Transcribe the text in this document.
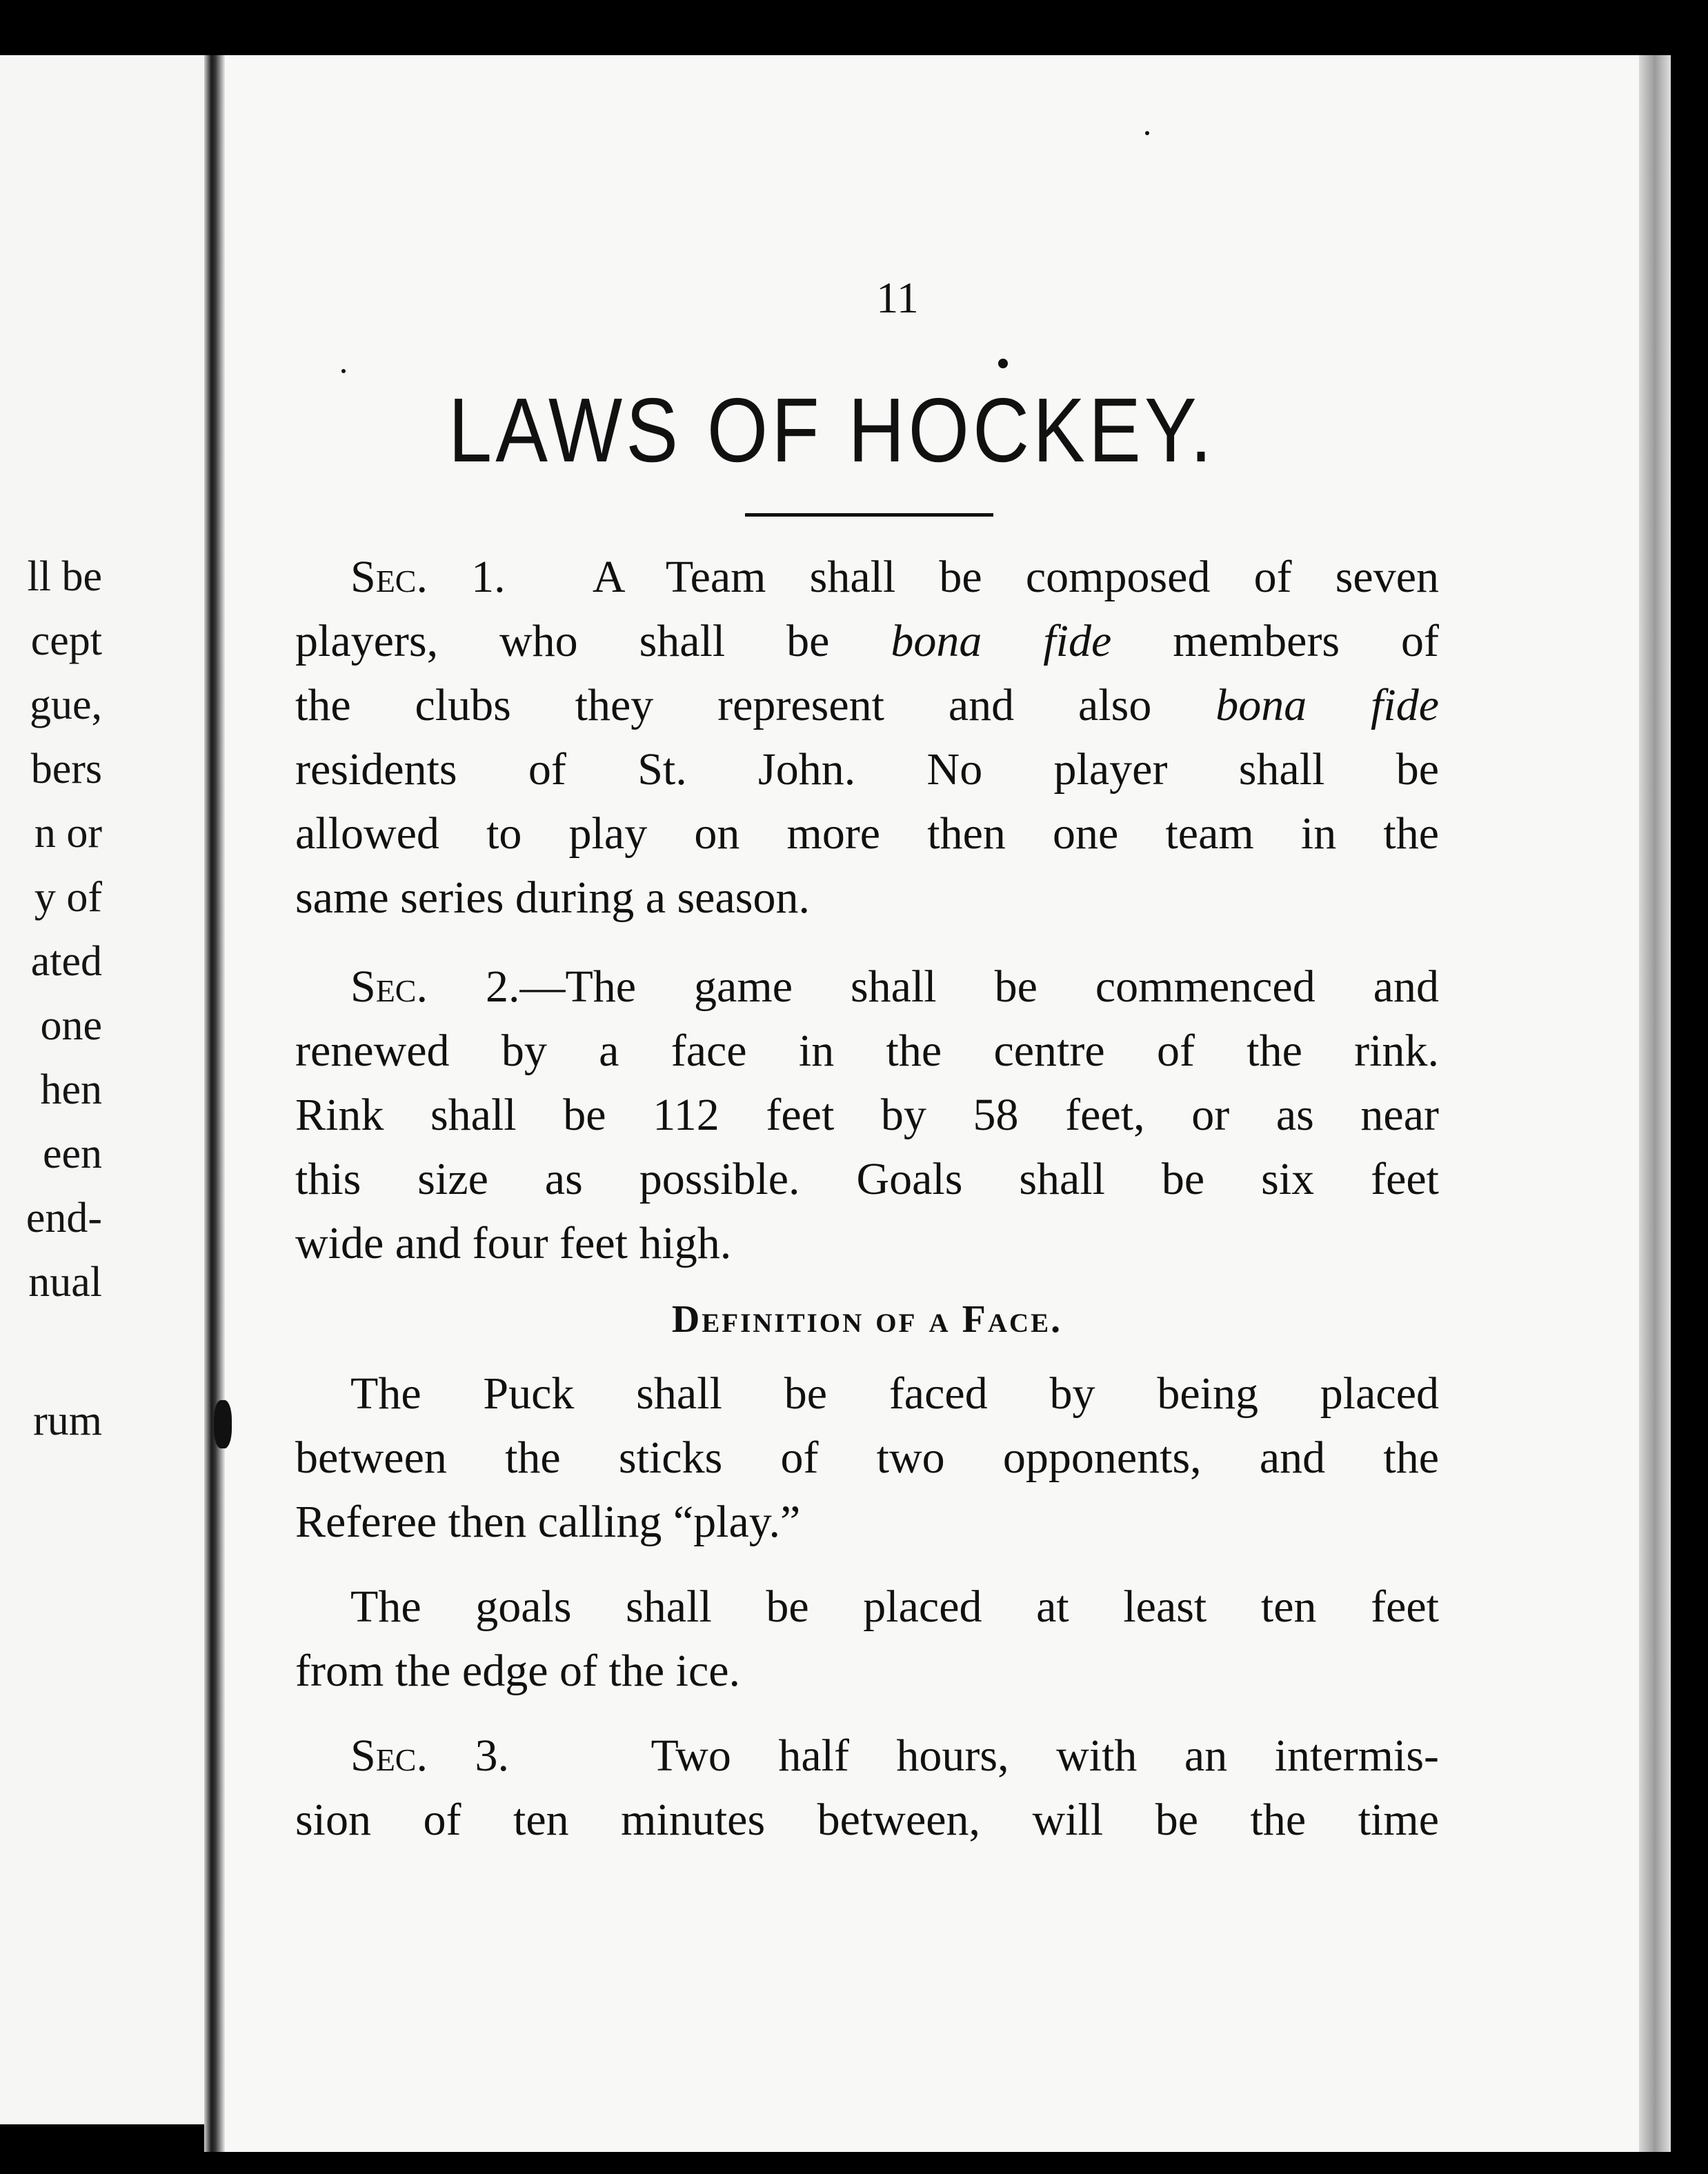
ll be
cept
gue,
bers
n or
y of
ated
one
hen
een
end-
nual
rum
11
LAWS OF HOCKEY.

Sec. 1. A Team shall be composed of seven
players, who shall be bona fide members of
the clubs they represent and also bona fide
residents of St. John. No player shall be
allowed to play on more then one team in the
same series during a season.

Sec. 2.—The game shall be commenced and
renewed by a face in the centre of the rink.
Rink shall be 112 feet by 58 feet, or as near
this size as possible. Goals shall be six feet
wide and four feet high.

Definition of a Face.

The Puck shall be faced by being placed
between the sticks of two opponents, and the
Referee then calling “play.”

The goals shall be placed at least ten feet
from the edge of the ice.

Sec. 3.	Two half hours, with an intermis-
sion of ten minutes between, will be the time
